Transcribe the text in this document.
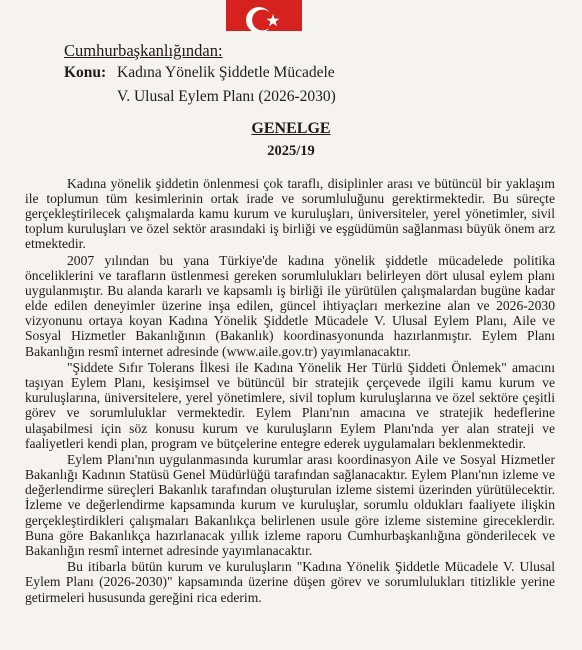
Cumhurbaşkanlığından:
Konu: Kadına Yönelik Şiddetle Mücadele
V. Ulusal Eylem Planı (2026-2030)
GENELGE
2025/19

Kadına yönelik şiddetin önlenmesi çok taraflı, disiplinler arası ve bütüncül bir yaklaşım ile toplumun tüm kesimlerinin ortak irade ve sorumluluğunu gerektirmektedir. Bu süreçte gerçekleştirilecek çalışmalarda kamu kurum ve kuruluşları, üniversiteler, yerel yönetimler, sivil toplum kuruluşları ve özel sektör arasındaki iş birliği ve eşgüdümün sağlanması büyük önem arz etmektedir.

2007 yılından bu yana Türkiye'de kadına yönelik şiddetle mücadelede politika önceliklerini ve tarafların üstlenmesi gereken sorumlulukları belirleyen dört ulusal eylem planı uygulanmıştır. Bu alanda kararlı ve kapsamlı iş birliği ile yürütülen çalışmalardan bugüne kadar elde edilen deneyimler üzerine inşa edilen, güncel ihtiyaçları merkezine alan ve 2026-2030 vizyonunu ortaya koyan Kadına Yönelik Şiddetle Mücadele V. Ulusal Eylem Planı, Aile ve Sosyal Hizmetler Bakanlığının (Bakanlık) koordinasyonunda hazırlanmıştır. Eylem Planı Bakanlığın resmî internet adresinde (www.aile.gov.tr) yayımlanacaktır.

"Şiddete Sıfır Tolerans İlkesi ile Kadına Yönelik Her Türlü Şiddeti Önlemek" amacını taşıyan Eylem Planı, kesişimsel ve bütüncül bir stratejik çerçevede ilgili kamu kurum ve kuruluşlarına, üniversitelere, yerel yönetimlere, sivil toplum kuruluşlarına ve özel sektöre çeşitli görev ve sorumluluklar vermektedir. Eylem Planı'nın amacına ve stratejik hedeflerine ulaşabilmesi için söz konusu kurum ve kuruluşların Eylem Planı'nda yer alan strateji ve faaliyetleri kendi plan, program ve bütçelerine entegre ederek uygulamaları beklenmektedir.

Eylem Planı'nın uygulanmasında kurumlar arası koordinasyon Aile ve Sosyal Hizmetler Bakanlığı Kadının Statüsü Genel Müdürlüğü tarafından sağlanacaktır. Eylem Planı'nın izleme ve değerlendirme süreçleri Bakanlık tarafından oluşturulan izleme sistemi üzerinden yürütülecektir. İzleme ve değerlendirme kapsamında kurum ve kuruluşlar, sorumlu oldukları faaliyete ilişkin gerçekleştirdikleri çalışmaları Bakanlıkça belirlenen usule göre izleme sistemine gireceklerdir. Buna göre Bakanlıkça hazırlanacak yıllık izleme raporu Cumhurbaşkanlığına gönderilecek ve Bakanlığın resmî internet adresinde yayımlanacaktır.

Bu itibarla bütün kurum ve kuruluşların "Kadına Yönelik Şiddetle Mücadele V. Ulusal Eylem Planı (2026-2030)" kapsamında üzerine düşen görev ve sorumlulukları titizlikle yerine getirmeleri hususunda gereğini rica ederim.
